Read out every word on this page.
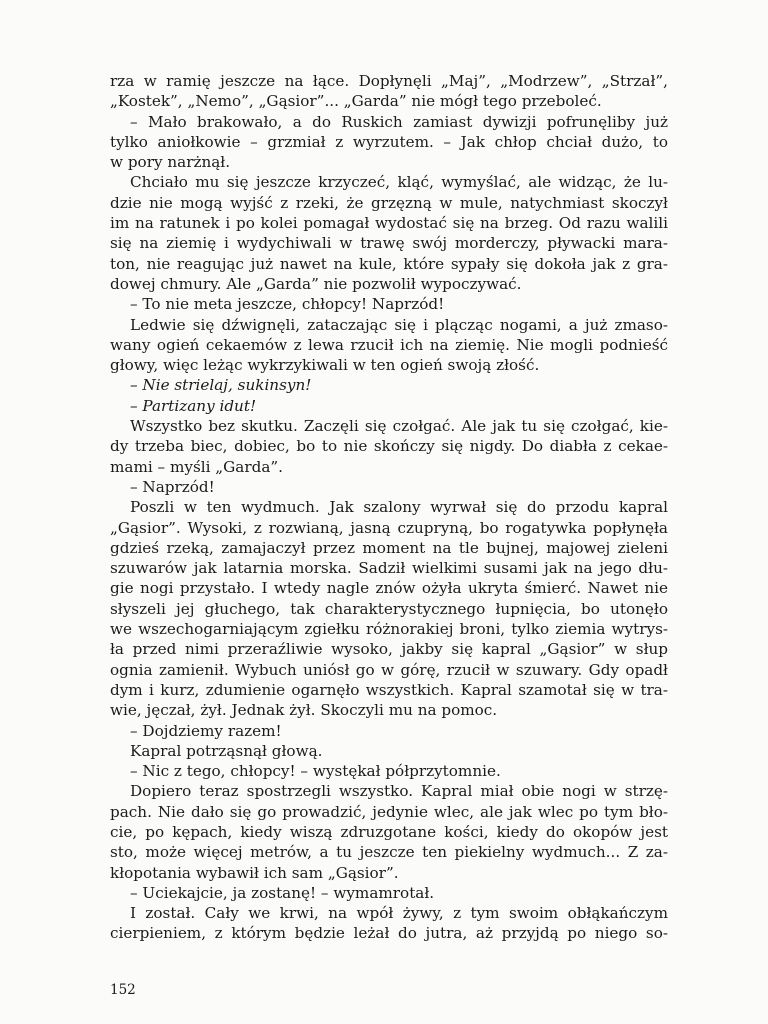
rza w ramię jeszcze na łące. Dopłynęli „Maj”, „Modrzew”, „Strzał”,
„Kostek”, „Nemo”, „Gąsior”... „Garda” nie mógł tego przeboleć.
– Mało brakowało, a do Ruskich zamiast dywizji pofrunęliby już
tylko aniołkowie – grzmiał z wyrzutem. – Jak chłop chciał dużo, to
w pory narżnął.
Chciało mu się jeszcze krzyczeć, kląć, wymyślać, ale widząc, że lu-
dzie nie mogą wyjść z rzeki, że grzęzną w mule, natychmiast skoczył
im na ratunek i po kolei pomagał wydostać się na brzeg. Od razu walili
się na ziemię i wydychiwali w trawę swój morderczy, pływacki mara-
ton, nie reagując już nawet na kule, które sypały się dokoła jak z gra-
dowej chmury. Ale „Garda” nie pozwolił wypoczywać.
– To nie meta jeszcze, chłopcy! Naprzód!
Ledwie się dźwignęli, zataczając się i plącząc nogami, a już zmaso-
wany ogień cekaemów z lewa rzucił ich na ziemię. Nie mogli podnieść
głowy, więc leżąc wykrzykiwali w ten ogień swoją złość.
– Nie strielaj, sukinsyn!
– Partizany idut!
Wszystko bez skutku. Zaczęli się czołgać. Ale jak tu się czołgać, kie-
dy trzeba biec, dobiec, bo to nie skończy się nigdy. Do diabła z cekae-
mami – myśli „Garda”.
– Naprzód!
Poszli w ten wydmuch. Jak szalony wyrwał się do przodu kapral
„Gąsior”. Wysoki, z rozwianą, jasną czupryną, bo rogatywka popłynęła
gdzieś rzeką, zamajaczył przez moment na tle bujnej, majowej zieleni
szuwarów jak latarnia morska. Sadził wielkimi susami jak na jego dłu-
gie nogi przystało. I wtedy nagle znów ożyła ukryta śmierć. Nawet nie
słyszeli jej głuchego, tak charakterystycznego łupnięcia, bo utonęło
we wszechogarniającym zgiełku różnorakiej broni, tylko ziemia wytrys-
ła przed nimi przeraźliwie wysoko, jakby się kapral „Gąsior” w słup
ognia zamienił. Wybuch uniósł go w górę, rzucił w szuwary. Gdy opadł
dym i kurz, zdumienie ogarnęło wszystkich. Kapral szamotał się w tra-
wie, jęczał, żył. Jednak żył. Skoczyli mu na pomoc.
– Dojdziemy razem!
Kapral potrząsnął głową.
– Nic z tego, chłopcy! – wystękał półprzytomnie.
Dopiero teraz spostrzegli wszystko. Kapral miał obie nogi w strzę-
pach. Nie dało się go prowadzić, jedynie wlec, ale jak wlec po tym bło-
cie, po kępach, kiedy wiszą zdruzgotane kości, kiedy do okopów jest
sto, może więcej metrów, a tu jeszcze ten piekielny wydmuch... Z za-
kłopotania wybawił ich sam „Gąsior”.
– Uciekajcie, ja zostanę! – wymamrotał.
I został. Cały we krwi, na wpół żywy, z tym swoim obłąkańczym
cierpieniem, z którym będzie leżał do jutra, aż przyjdą po niego so-
152
